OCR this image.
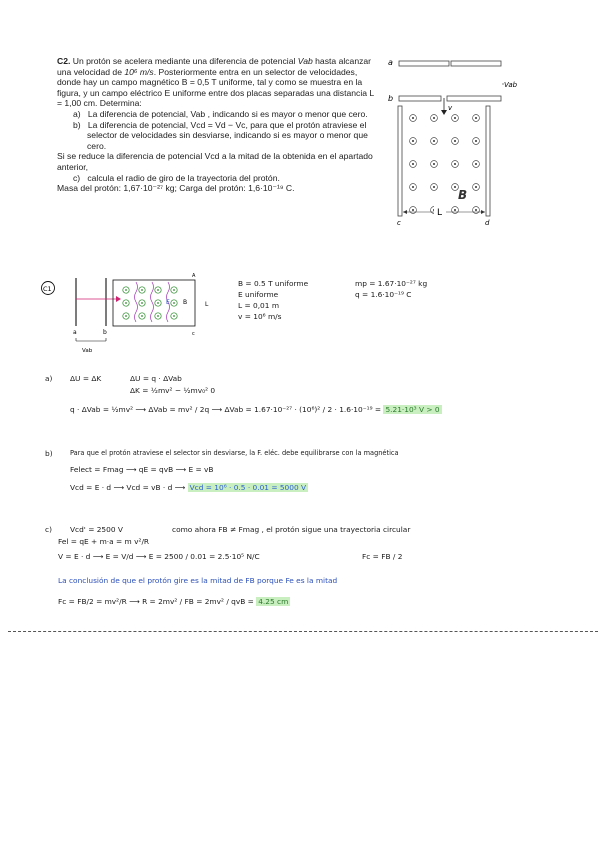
C2. Un protón se acelera mediante una diferencia de potencial Vab hasta alcanzar una velocidad de 10⁶ m/s. Posteriormente entra en un selector de velocidades, donde hay un campo magnético B = 0,5 T uniforme, tal y como se muestra en la figura, y un campo eléctrico E uniforme entre dos placas separadas una distancia L = 1,00 cm. Determina:

a) La diferencia de potencial, Vab , indicando si es mayor o menor que cero.

b) La diferencia de potencial, Vcd = Vd − Vc, para que el protón atraviese el selector de velocidades sin desviarse, indicando si es mayor o menor que cero.

Si se reduce la diferencia de potencial Vcd a la mitad de la obtenida en el apartado anterior,

c) calcula el radio de giro de la trayectoria del protón.

Masa del protón: 1,67·10⁻²⁷ kg; Carga del protón: 1,6·10⁻¹⁹ C.

a
Vab
b
v
B
L
c	d
C1
A
B
E	L
c
a	b
Vab
B = 0.5 T uniforme
E uniforme
L = 0,01 m
v = 10⁶ m/s
mp = 1.67·10⁻²⁷ kg
q = 1.6·10⁻¹⁹ C
a) ΔU = ΔK	ΔU = q · ΔVab
ΔK = ½mv² − ½mv₀² 0
q · ΔVab = ½mv² ⟶ ΔVab = mv² / 2q ⟶ ΔVab = 1.67·10⁻²⁷ · (10⁶)² / 2 · 1.6·10⁻¹⁹ = 5.21·10³ V > 0
b)	Para que el protón atraviese el selector sin desviarse, la F. eléc. debe equilibrarse con la magnética
Felect = Fmag ⟶ qE = qvB ⟶ E = vB
Vcd = E · d ⟶ Vcd = vB · d ⟶ Vcd = 10⁶ · 0.5 · 0.01 = 5000 V
c) Vcd' = 2500 V	como ahora FB ≠ Fmag , el protón sigue una trayectoria circular
Fel = qE + m·a = m v²/R
V = E · d ⟶ E = V/d ⟶ E = 2500 / 0.01 = 2.5·10⁵ N/C	Fc = FB / 2
La conclusión de que el protón gire es la mitad de FB porque Fe es la mitad
Fc = FB/2 = mv²/R ⟶ R = 2mv² / FB = 2mv² / qvB = 4.25 cm
